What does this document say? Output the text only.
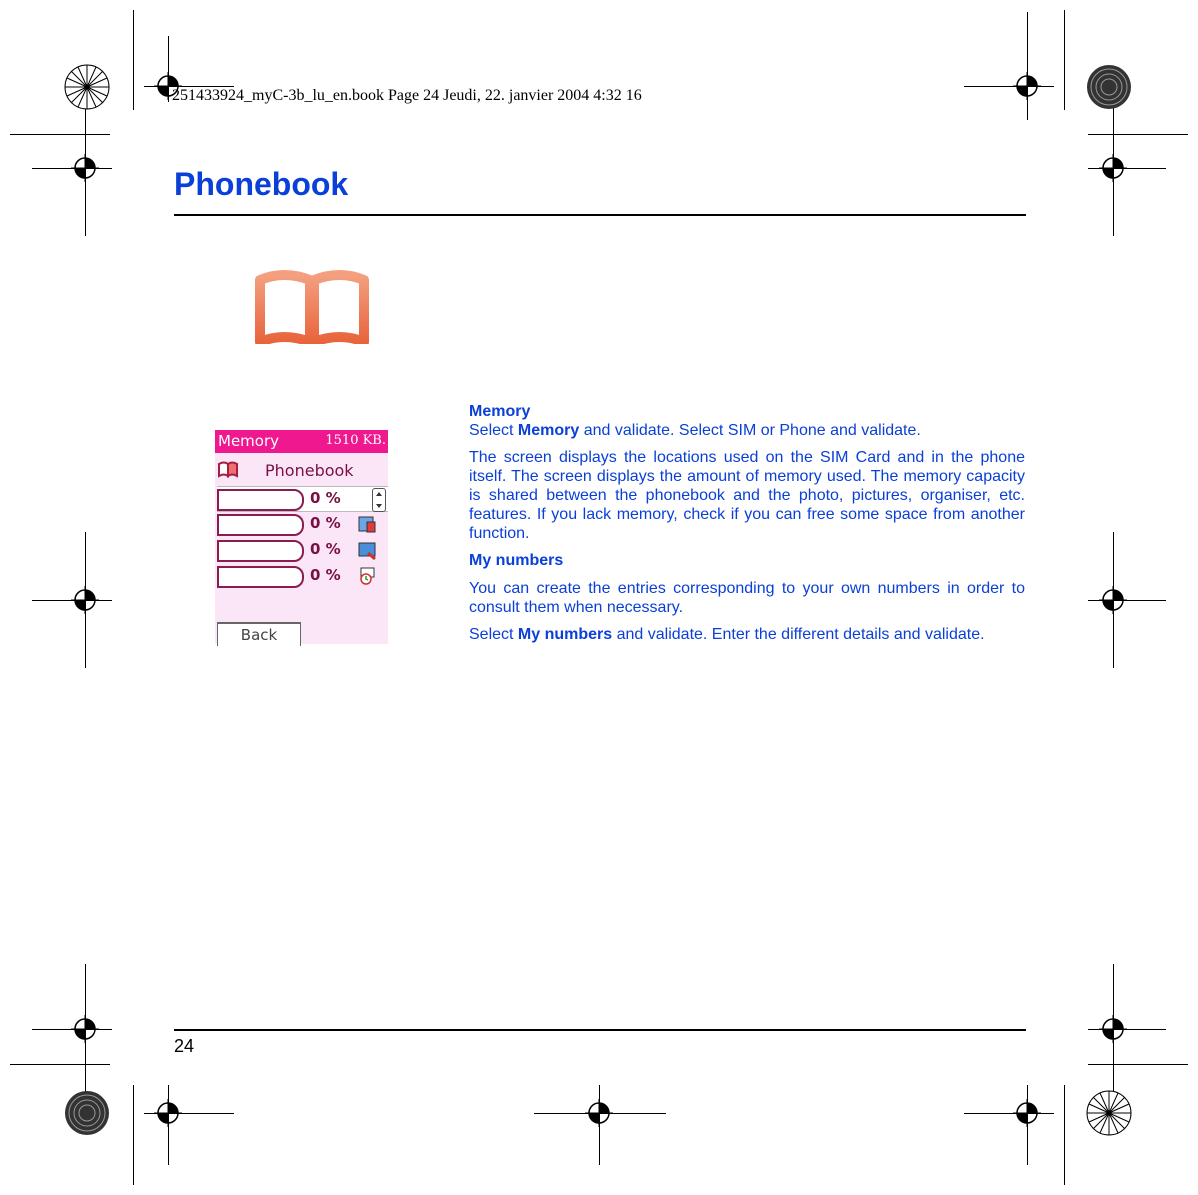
251433924_myC-3b_lu_en.book Page 24 Jeudi, 22. janvier 2004 4:32 16
Phonebook
Memory	1510 KB.
Phonebook
0 %
0 %
0 %
0 %
Back
Memory

Select Memory and validate. Select SIM or Phone and validate.

The screen displays the locations used on the SIM Card and in the phone itself. The screen displays the amount of memory used. The memory capacity is shared between the phonebook and the photo, pictures, organiser, etc. features. If you lack memory, check if you can free some space from another function.

My numbers

You can create the entries corresponding to your own numbers in order to consult them when necessary.

Select My numbers and validate. Enter the different details and validate.

24
